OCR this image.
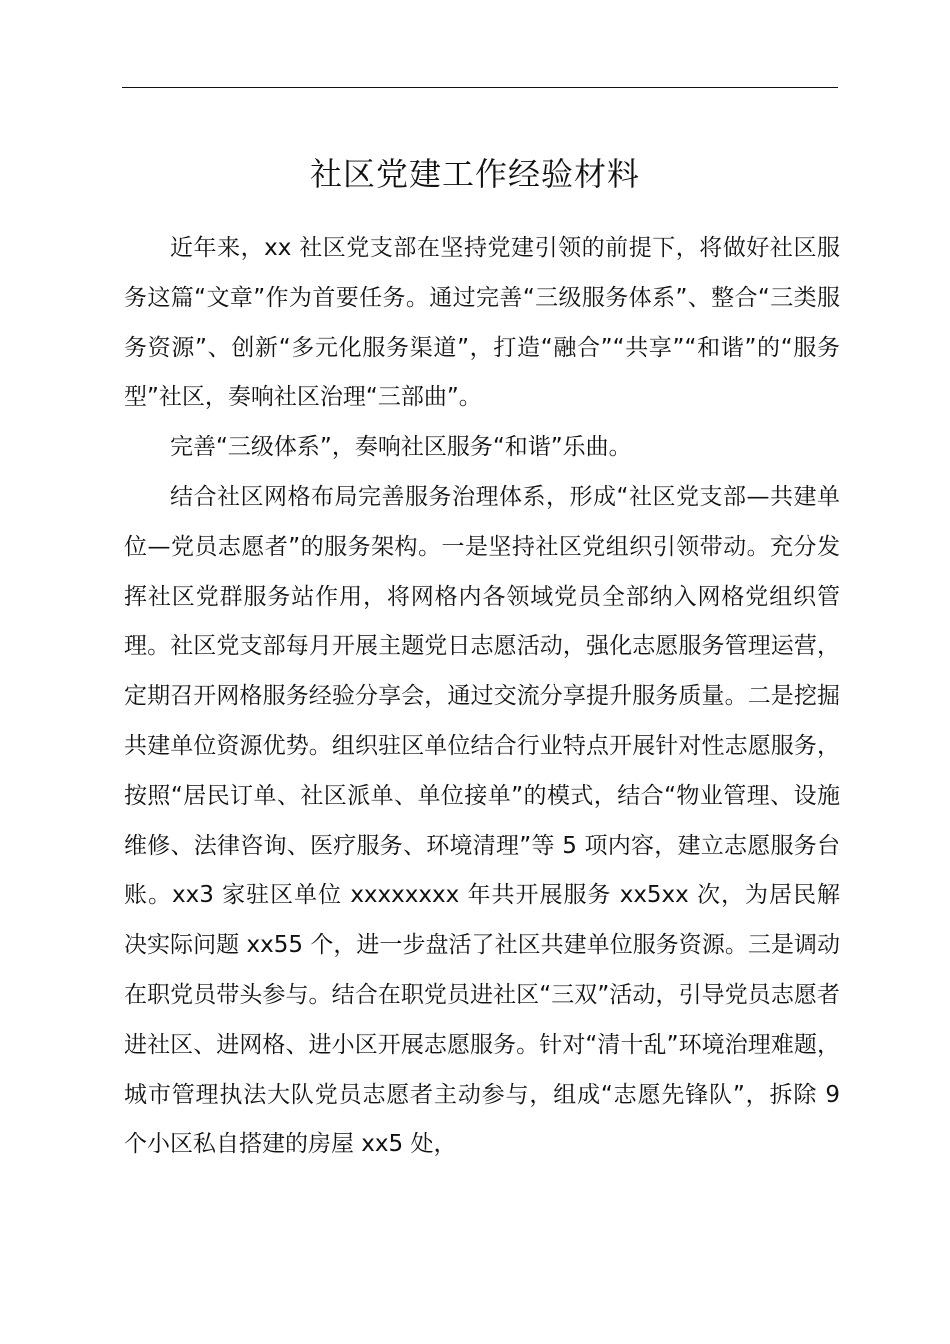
社区党建工作经验材料

近年来，xx 社区党支部在坚持党建引领的前提下，将做好社区服务这篇“文章”作为首要任务。通过完善“三级服务体系”、整合“三类服务资源”、创新“多元化服务渠道”，打造“融合”“共享”“和谐”的“服务型”社区，奏响社区治理“三部曲”。

完善“三级体系”，奏响社区服务“和谐”乐曲。

结合社区网格布局完善服务治理体系，形成“社区党支部—共建单位—党员志愿者”的服务架构。一是坚持社区党组织引领带动。充分发挥社区党群服务站作用，将网格内各领域党员全部纳入网格党组织管理。社区党支部每月开展主题党日志愿活动，强化志愿服务管理运营，定期召开网格服务经验分享会，通过交流分享提升服务质量。二是挖掘共建单位资源优势。组织驻区单位结合行业特点开展针对性志愿服务，按照“居民订单、社区派单、单位接单”的模式，结合“物业管理、设施维修、法律咨询、医疗服务、环境清理”等 5 项内容，建立志愿服务台账。xx3 家驻区单位 xxxxxxxx 年共开展服务 xx5xx 次，为居民解决实际问题 xx55 个，进一步盘活了社区共建单位服务资源。三是调动在职党员带头参与。结合在职党员进社区“三双”活动，引导党员志愿者进社区、进网格、进小区开展志愿服务。针对“清十乱”环境治理难题，城市管理执法大队党员志愿者主动参与，组成“志愿先锋队”，拆除 9 个小区私自搭建的房屋 xx5 处，
